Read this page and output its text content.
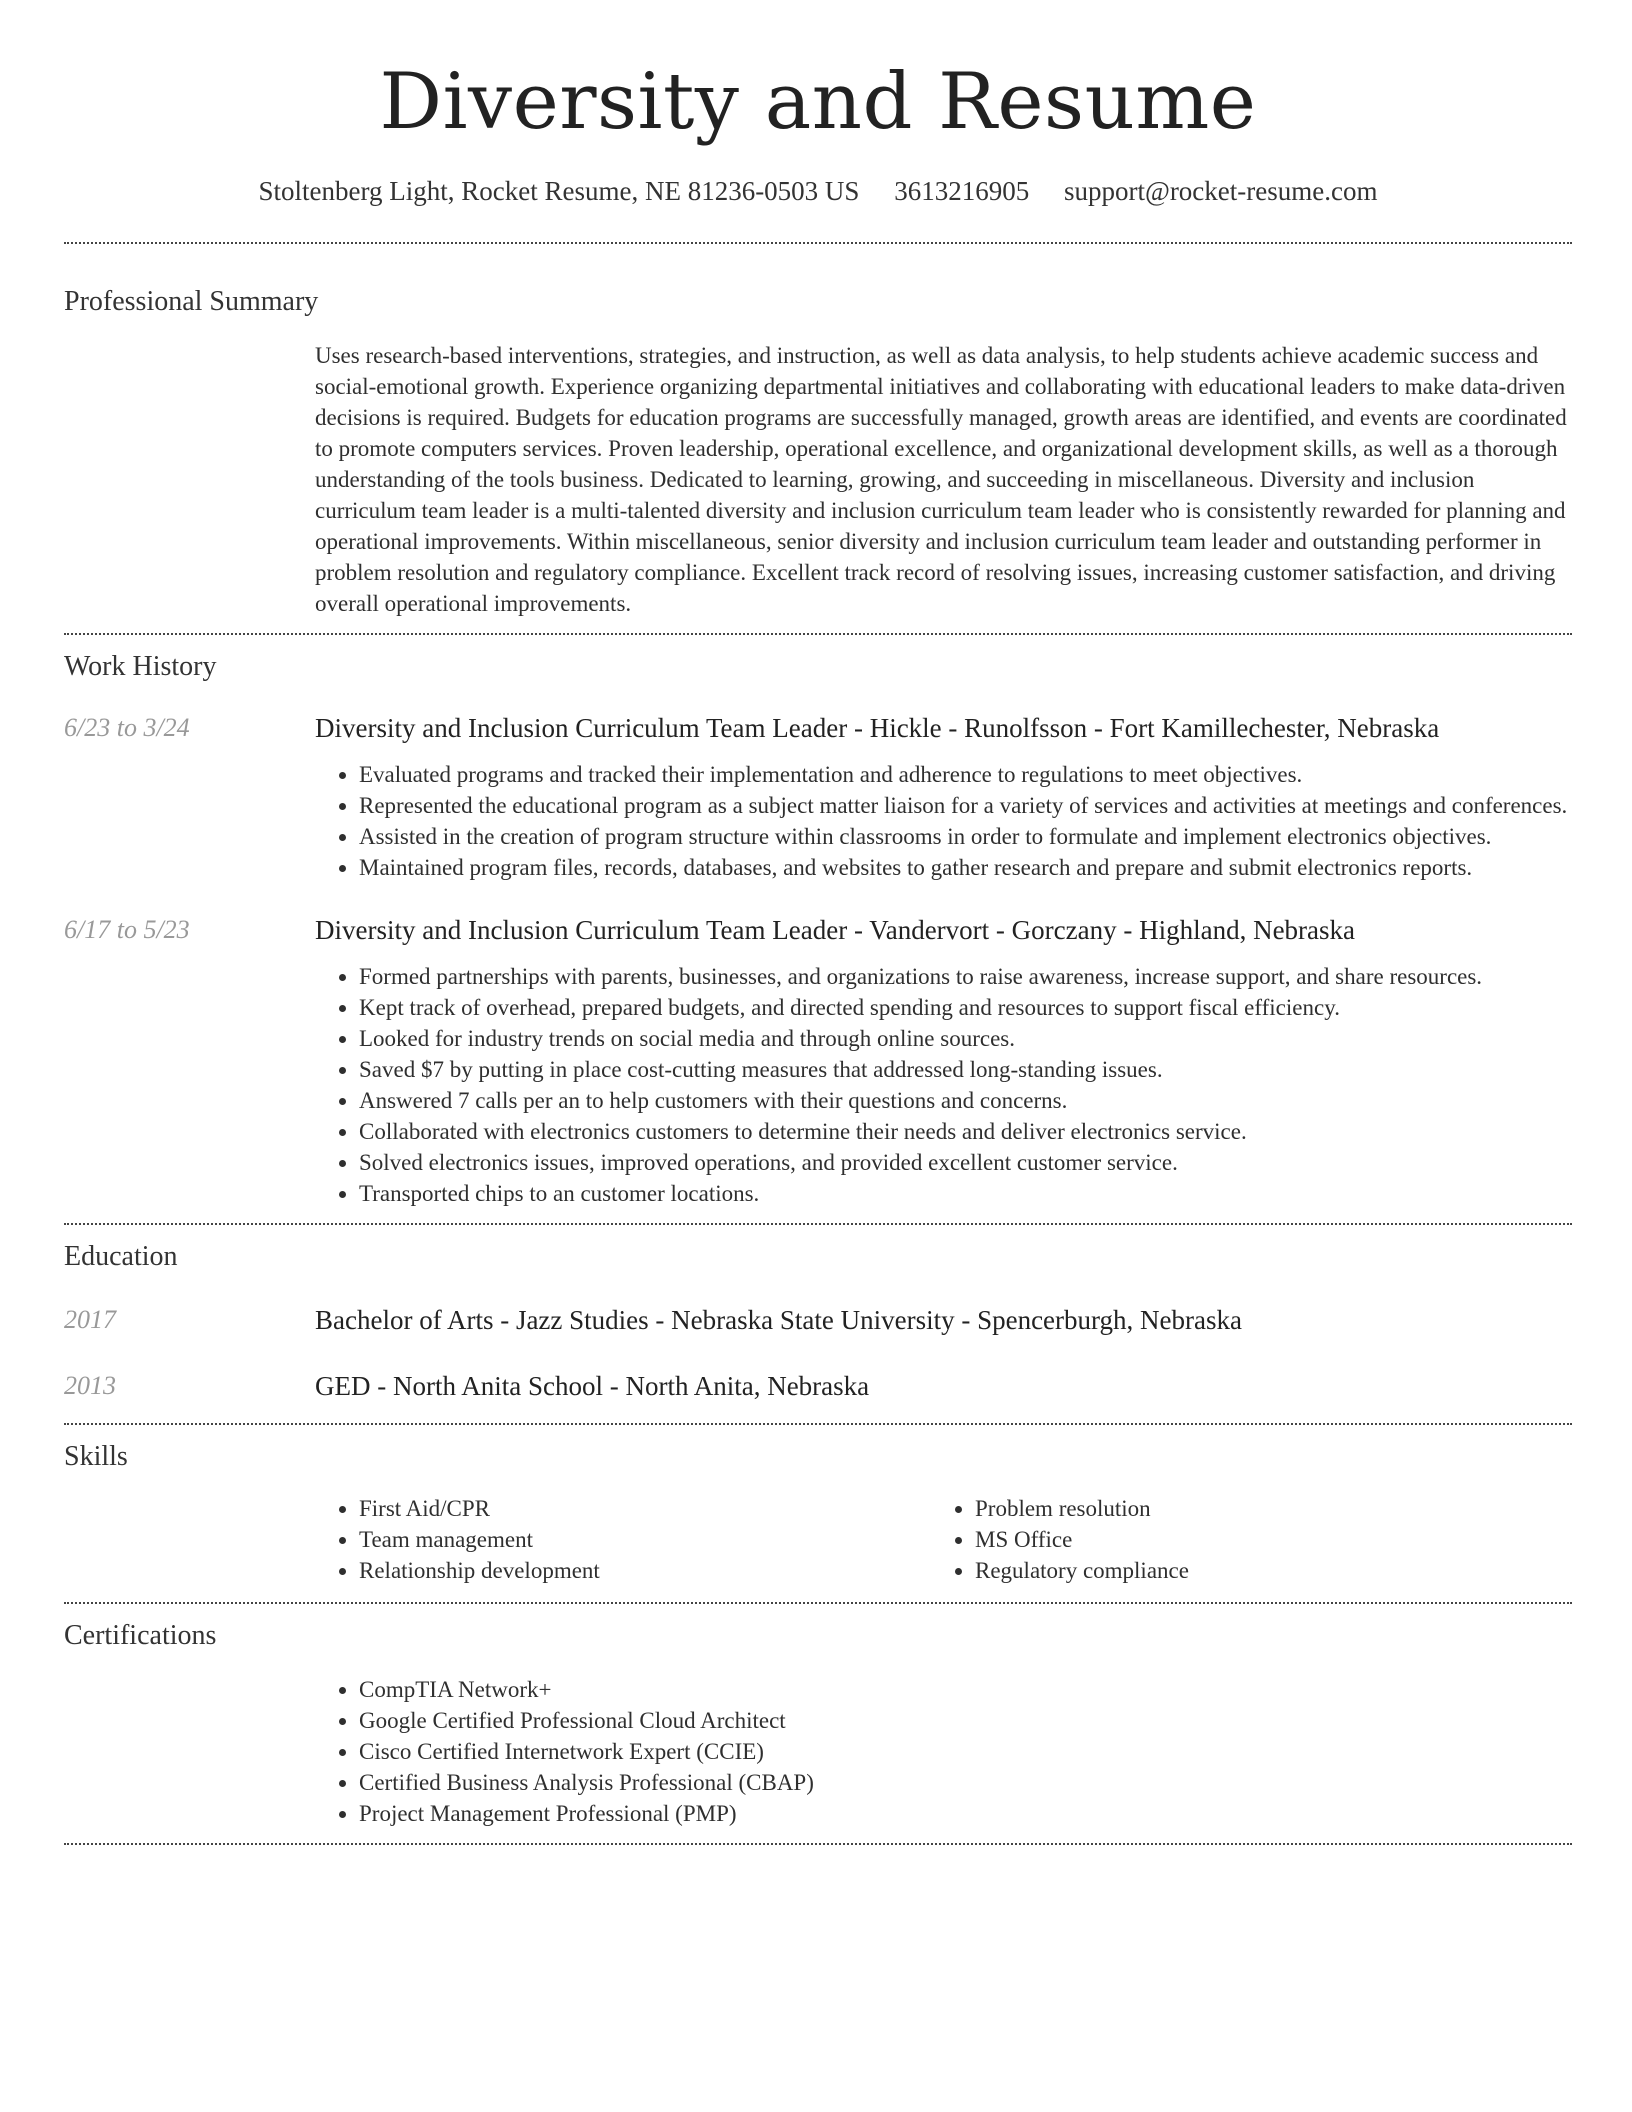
Diversity and Resume
Stoltenberg Light, Rocket Resume, NE 81236-0503 US 3613216905 support@rocket-resume.com
Professional Summary

Uses research-based interventions, strategies, and instruction, as well as data analysis, to help students achieve academic success and social-emotional growth. Experience organizing departmental initiatives and collaborating with educational leaders to make data-driven decisions is required. Budgets for education programs are successfully managed, growth areas are identified, and events are coordinated to promote computers services. Proven leadership, operational excellence, and organizational development skills, as well as a thorough understanding of the tools business. Dedicated to learning, growing, and succeeding in miscellaneous. Diversity and inclusion curriculum team leader is a multi-talented diversity and inclusion curriculum team leader who is consistently rewarded for planning and operational improvements. Within miscellaneous, senior diversity and inclusion curriculum team leader and outstanding performer in problem resolution and regulatory compliance. Excellent track record of resolving issues, increasing customer satisfaction, and driving overall operational improvements.

Work History
6/23 to 3/24	Diversity and Inclusion Curriculum Team Leader - Hickle - Runolfsson - Fort Kamillechester, Nebraska
• Evaluated programs and tracked their implementation and adherence to regulations to meet objectives.
• Represented the educational program as a subject matter liaison for a variety of services and activities at meetings and conferences.
• Assisted in the creation of program structure within classrooms in order to formulate and implement electronics objectives.
• Maintained program files, records, databases, and websites to gather research and prepare and submit electronics reports.
6/17 to 5/23	Diversity and Inclusion Curriculum Team Leader - Vandervort - Gorczany - Highland, Nebraska
• Formed partnerships with parents, businesses, and organizations to raise awareness, increase support, and share resources.
• Kept track of overhead, prepared budgets, and directed spending and resources to support fiscal efficiency.
• Looked for industry trends on social media and through online sources.
• Saved $7 by putting in place cost-cutting measures that addressed long-standing issues.
• Answered 7 calls per an to help customers with their questions and concerns.
• Collaborated with electronics customers to determine their needs and deliver electronics service.
• Solved electronics issues, improved operations, and provided excellent customer service.
• Transported chips to an customer locations.
Education
2017	Bachelor of Arts - Jazz Studies - Nebraska State University - Spencerburgh, Nebraska
2013	GED - North Anita School - North Anita, Nebraska
Skills
• First Aid/CPR
• Team management
• Relationship development
• Problem resolution
• MS Office
• Regulatory compliance
Certifications
• CompTIA Network+
• Google Certified Professional Cloud Architect
• Cisco Certified Internetwork Expert (CCIE)
• Certified Business Analysis Professional (CBAP)
• Project Management Professional (PMP)
